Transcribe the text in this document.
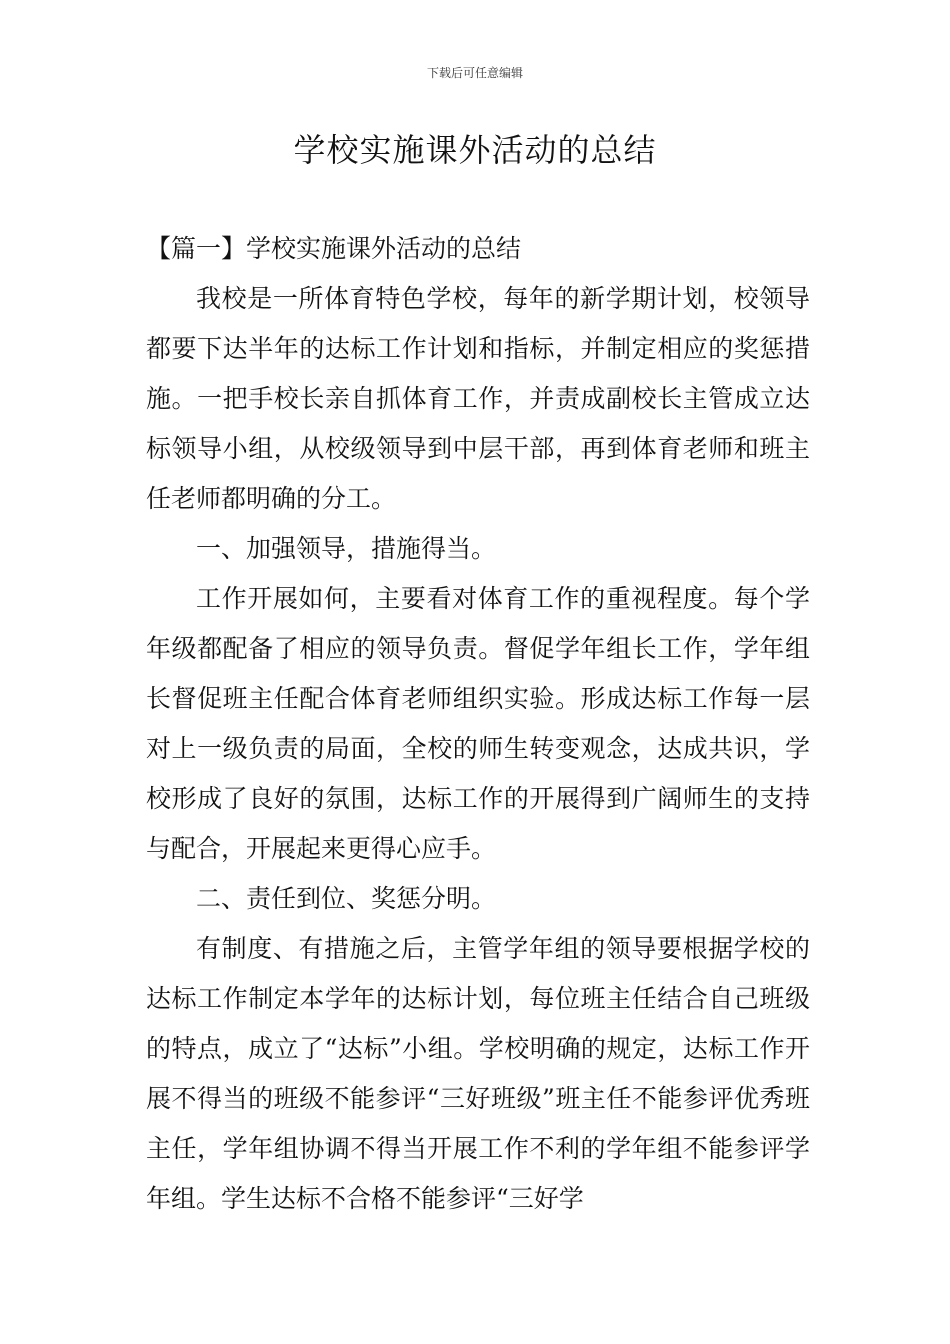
下载后可任意编辑
学校实施课外活动的总结

【篇一】学校实施课外活动的总结

我校是一所体育特色学校，每年的新学期计划，校领导都要下达半年的达标工作计划和指标，并制定相应的奖惩措施。一把手校长亲自抓体育工作，并责成副校长主管成立达标领导小组，从校级领导到中层干部，再到体育老师和班主任老师都明确的分工。

一、加强领导，措施得当。

工作开展如何，主要看对体育工作的重视程度。每个学年级都配备了相应的领导负责。督促学年组长工作，学年组长督促班主任配合体育老师组织实验。形成达标工作每一层对上一级负责的局面，全校的师生转变观念，达成共识，学校形成了良好的氛围，达标工作的开展得到广阔师生的支持与配合，开展起来更得心应手。

二、责任到位、奖惩分明。

有制度、有措施之后，主管学年组的领导要根据学校的达标工作制定本学年的达标计划，每位班主任结合自己班级的特点，成立了“达标”小组。学校明确的规定，达标工作开展不得当的班级不能参评“三好班级”班主任不能参评优秀班主任，学年组协调不得当开展工作不利的学年组不能参评学年组。学生达标不合格不能参评“三好学
